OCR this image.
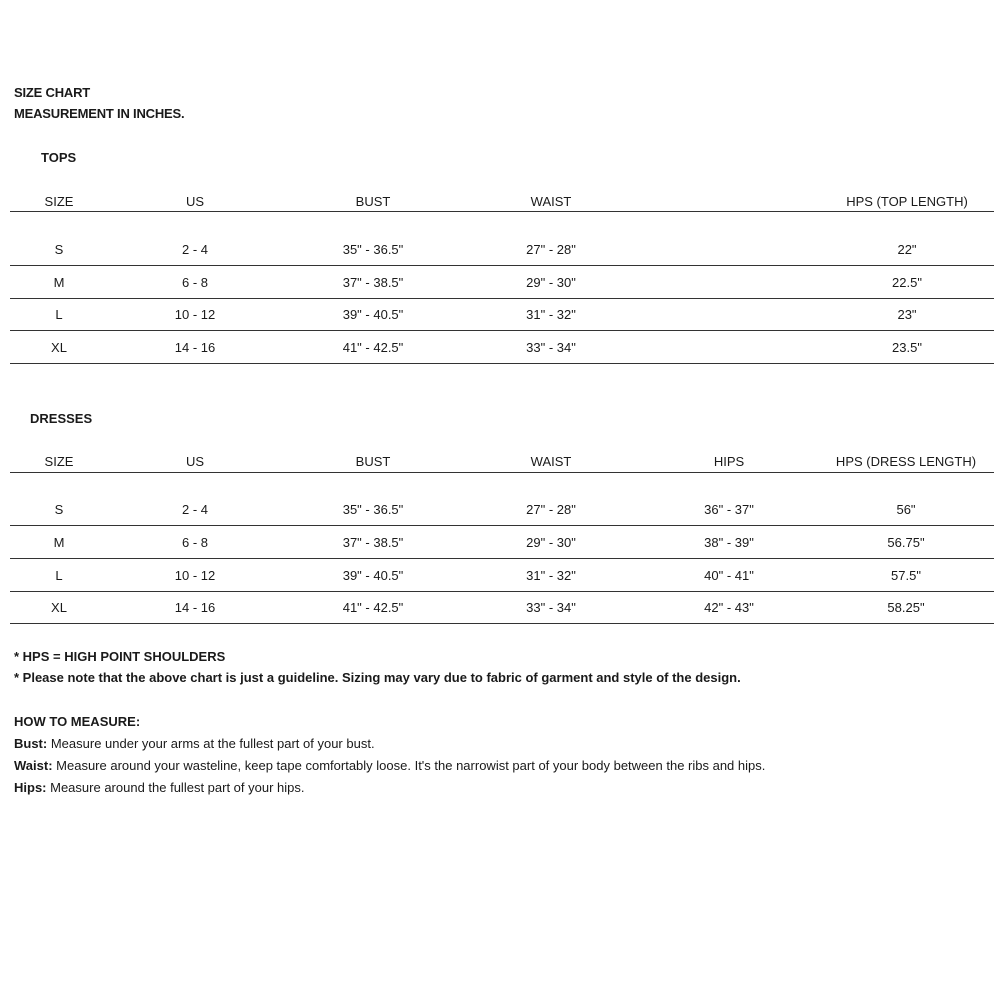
SIZE CHART
MEASUREMENT IN INCHES.
TOPS
SIZE	US	BUST	WAIST	HPS (TOP LENGTH)
S	2 - 4	35" - 36.5"	27" - 28"	22"
M	6 - 8	37" - 38.5"	29" - 30"	22.5"
L	10 - 12	39" - 40.5"	31" - 32"	23"
XL	14 - 16	41" - 42.5"	33" - 34"	23.5"
DRESSES
SIZE	US	BUST	WAIST	HIPS	HPS (DRESS LENGTH)
S	2 - 4	35" - 36.5"	27" - 28"	36" - 37"	56"
M	6 - 8	37" - 38.5"	29" - 30"	38" - 39"	56.75"
L	10 - 12	39" - 40.5"	31" - 32"	40" - 41"	57.5"
XL	14 - 16	41" - 42.5"	33" - 34"	42" - 43"	58.25"
* HPS = HIGH POINT SHOULDERS
* Please note that the above chart is just a guideline. Sizing may vary due to fabric of garment and style of the design.
HOW TO MEASURE:
Bust: Measure under your arms at the fullest part of your bust.
Waist: Measure around your wasteline, keep tape comfortably loose. It's the narrowist part of your body between the ribs and hips.
Hips: Measure around the fullest part of your hips.
